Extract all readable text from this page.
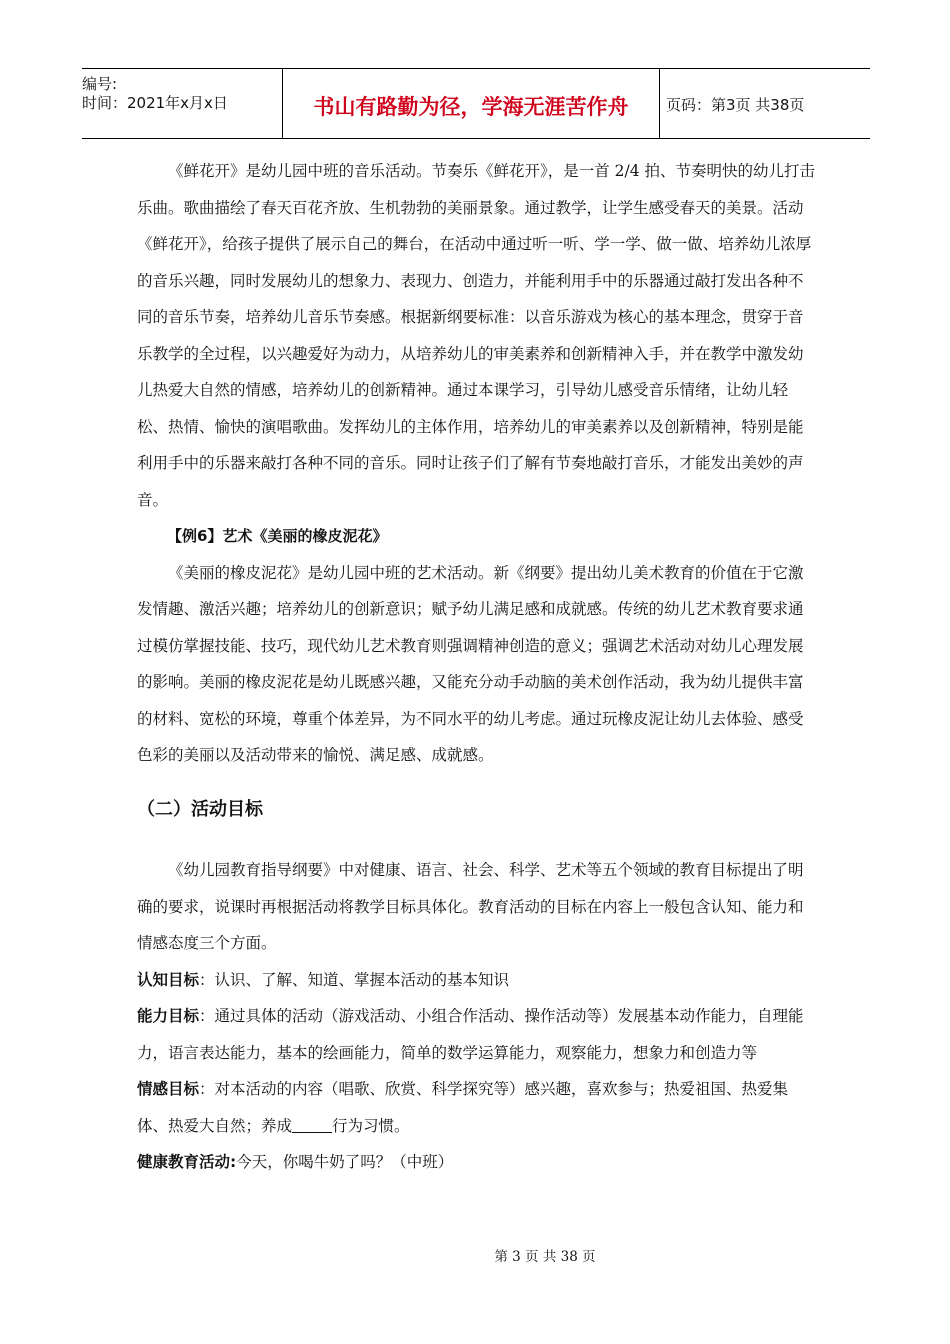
编号:
时间：2021年x月x日	书山有路勤为径，学海无涯苦作舟	页码：第3页 共38页

《鲜花开》是幼儿园中班的音乐活动。节奏乐《鲜花开》，是一首 2/4 拍、节奏明快的幼儿打击乐曲。歌曲描绘了春天百花齐放、生机勃勃的美丽景象。通过教学，让学生感受春天的美景。活动《鲜花开》，给孩子提供了展示自己的舞台，在活动中通过听一听、学一学、做一做、培养幼儿浓厚的音乐兴趣，同时发展幼儿的想象力、表现力、创造力，并能利用手中的乐器通过敲打发出各种不同的音乐节奏，培养幼儿音乐节奏感。根据新纲要标准：以音乐游戏为核心的基本理念，贯穿于音乐教学的全过程，以兴趣爱好为动力，从培养幼儿的审美素养和创新精神入手，并在教学中激发幼儿热爱大自然的情感，培养幼儿的创新精神。通过本课学习，引导幼儿感受音乐情绪，让幼儿轻松、热情、愉快的演唱歌曲。发挥幼儿的主体作用，培养幼儿的审美素养以及创新精神，特别是能利用手中的乐器来敲打各种不同的音乐。同时让孩子们了解有节奏地敲打音乐，才能发出美妙的声音。

【例6】艺术《美丽的橡皮泥花》

《美丽的橡皮泥花》是幼儿园中班的艺术活动。新《纲要》提出幼儿美术教育的价值在于它激发情趣、激活兴趣；培养幼儿的创新意识；赋予幼儿满足感和成就感。传统的幼儿艺术教育要求通过模仿掌握技能、技巧，现代幼儿艺术教育则强调精神创造的意义；强调艺术活动对幼儿心理发展的影响。美丽的橡皮泥花是幼儿既感兴趣，又能充分动手动脑的美术创作活动，我为幼儿提供丰富的材料、宽松的环境，尊重个体差异，为不同水平的幼儿考虑。通过玩橡皮泥让幼儿去体验、感受色彩的美丽以及活动带来的愉悦、满足感、成就感。

（二）活动目标

《幼儿园教育指导纲要》中对健康、语言、社会、科学、艺术等五个领域的教育目标提出了明确的要求，说课时再根据活动将教学目标具体化。教育活动的目标在内容上一般包含认知、能力和情感态度三个方面。

认知目标：认识、了解、知道、掌握本活动的基本知识

能力目标：通过具体的活动（游戏活动、小组合作活动、操作活动等）发展基本动作能力，自理能力，语言表达能力，基本的绘画能力，简单的数学运算能力，观察能力，想象力和创造力等

情感目标：对本活动的内容（唱歌、欣赏、科学探究等）感兴趣，喜欢参与；热爱祖国、热爱集体、热爱大自然；养成	行为习惯。

健康教育活动:今天，你喝牛奶了吗？（中班）

第 3 页 共 38 页
